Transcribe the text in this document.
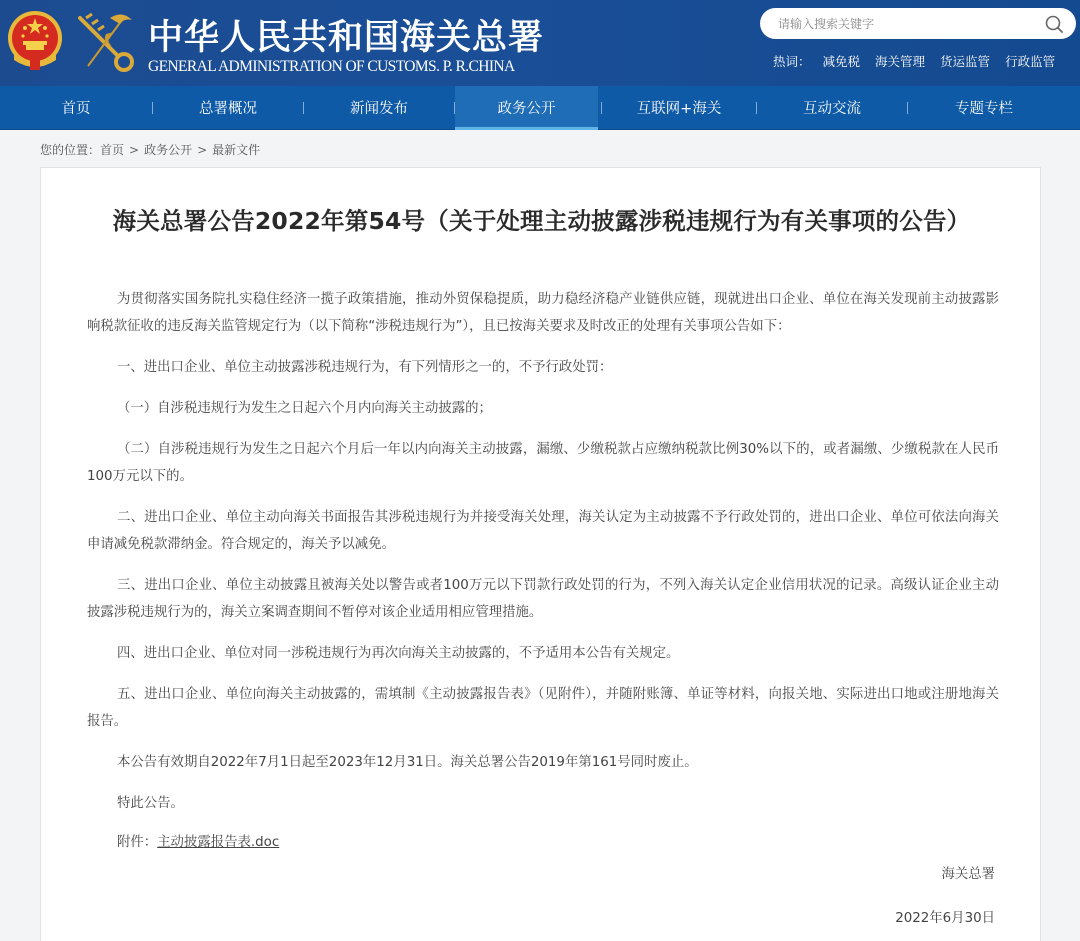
中华人民共和国海关总署
GENERAL ADMINISTRATION OF CUSTOMS. P. R.CHINA
请输入搜索关键字	热词： 减免税 海关管理 货运监管 行政监管
首页	总署概况	新闻发布	政务公开	互联网+海关	互动交流	专题专栏
您的位置： 首页 > 政务公开 > 最新文件
海关总署公告2022年第54号（关于处理主动披露涉税违规行为有关事项的公告）

为贯彻落实国务院扎实稳住经济一揽子政策措施，推动外贸保稳提质，助力稳经济稳产业链供应链，现就进出口企业、单位在海关发现前主动披露影响税款征收的违反海关监管规定行为（以下简称“涉税违规行为”），且已按海关要求及时改正的处理有关事项公告如下：

一、进出口企业、单位主动披露涉税违规行为，有下列情形之一的，不予行政处罚：

（一）自涉税违规行为发生之日起六个月内向海关主动披露的；

（二）自涉税违规行为发生之日起六个月后一年以内向海关主动披露，漏缴、少缴税款占应缴纳税款比例30%以下的，或者漏缴、少缴税款在人民币100万元以下的。

二、进出口企业、单位主动向海关书面报告其涉税违规行为并接受海关处理，海关认定为主动披露不予行政处罚的，进出口企业、单位可依法向海关申请减免税款滞纳金。符合规定的，海关予以减免。

三、进出口企业、单位主动披露且被海关处以警告或者100万元以下罚款行政处罚的行为，不列入海关认定企业信用状况的记录。高级认证企业主动披露涉税违规行为的，海关立案调查期间不暂停对该企业适用相应管理措施。

四、进出口企业、单位对同一涉税违规行为再次向海关主动披露的，不予适用本公告有关规定。

五、进出口企业、单位向海关主动披露的，需填制《主动披露报告表》（见附件），并随附账簿、单证等材料，向报关地、实际进出口地或注册地海关报告。

本公告有效期自2022年7月1日起至2023年12月31日。海关总署公告2019年第161号同时废止。

特此公告。

附件：主动披露报告表.doc

海关总署
2022年6月30日
